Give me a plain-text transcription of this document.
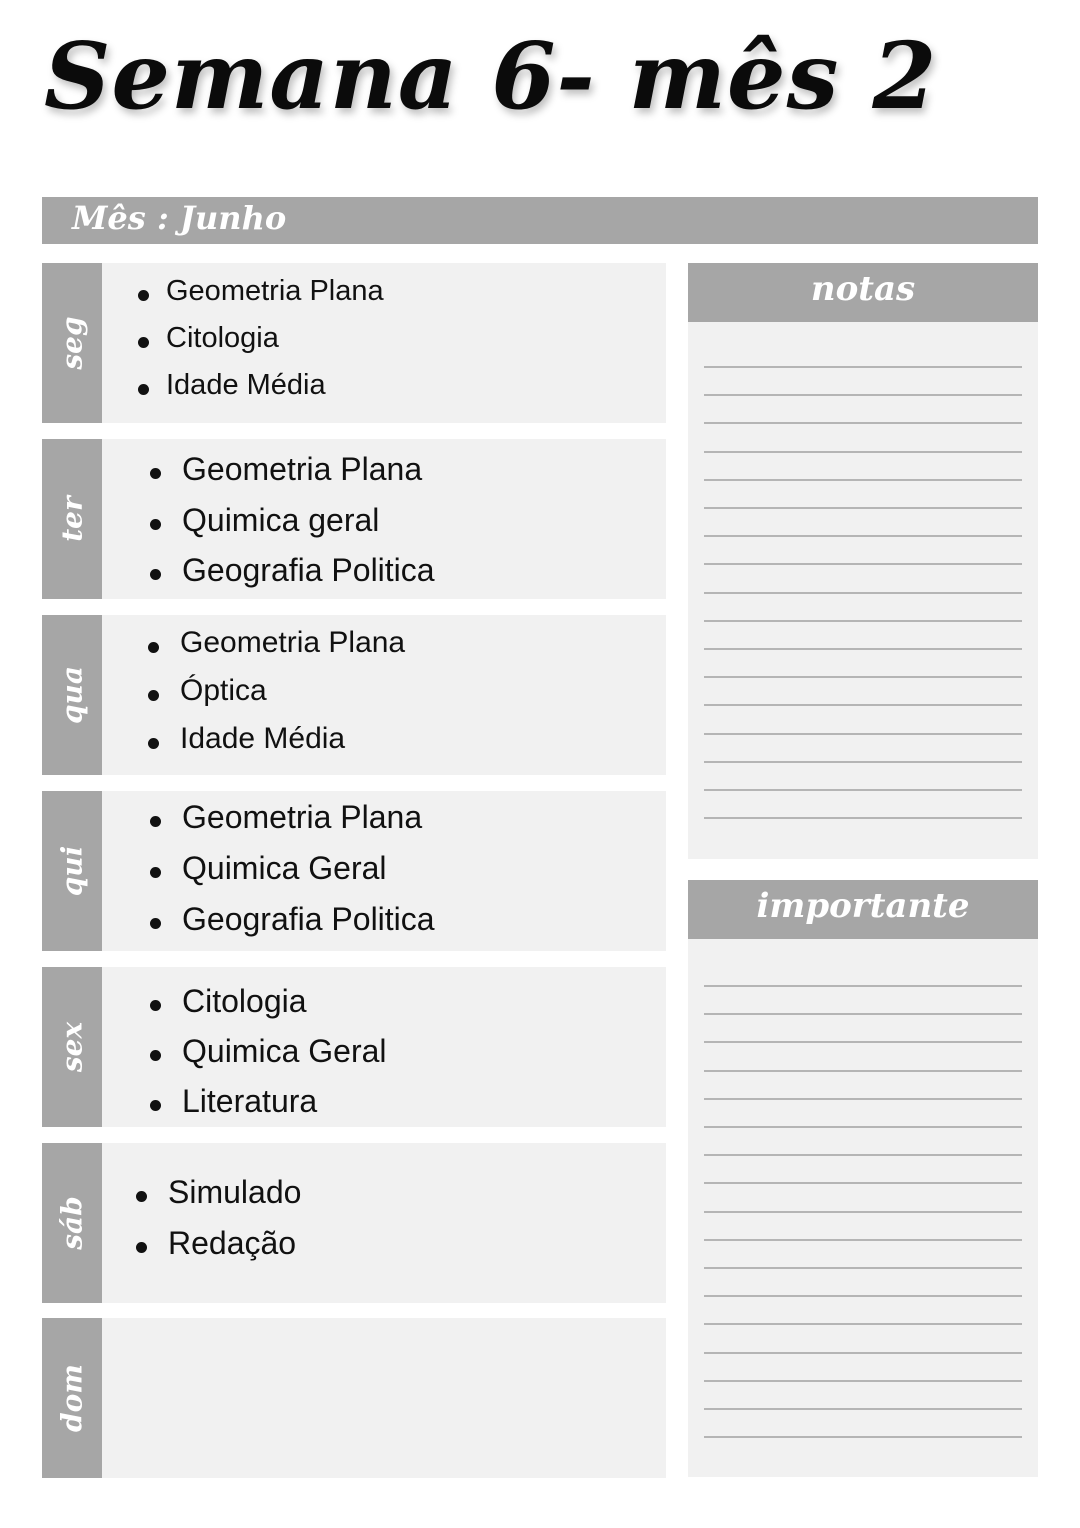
Semana 6- mês 2
Mês : Junho
seg
Geometria Plana
Citologia
Idade Média
ter
Geometria Plana
Quimica geral
Geografia Politica
qua
Geometria Plana
Óptica
Idade Média
qui
Geometria Plana
Quimica Geral
Geografia Politica
sex
Citologia
Quimica Geral
Literatura
sáb
Simulado
Redação
dom
notas
importante
